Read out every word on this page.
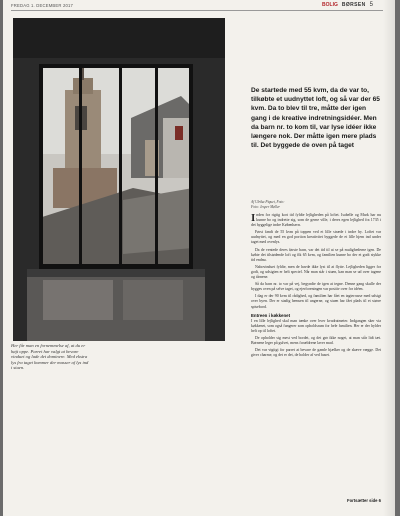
FREDAG 1. DECEMBER 2017	BOLIG BØRSEN 5
Her får man en fornemmelse af, at du er højt oppe. Parret har valgt at bevare vinduet og lade det dominere. Med ekstra lys fra taget kommer der masser af lys ind i stuen.
De startede med 55 kvm, da de var to, tilkøbte et uudnyttet loft, og så var der 65 kvm. Da to blev til tre, måtte der igen gang i de kreative indretningsidéer. Men da barn nr. to kom til, var lyse idéer ikke længere nok. Der måtte igen mere plads til. Det byggede de oven på taget
Af Ulrika Piquet, Foto:
Foto: Jesper Møller

Inden for rigtig kort tid fyldte lejligheden på loftet. Isabelle og Mark har nu kunne bo og indrette sig, som de gerne ville, i deres egen lejlighed fra 1735 i det hyggelige indre København.

Først fandt de 55 kvm på toppen ved et lille stræde i indre by. Loftet var uudnyttet, og med en god portion kreativitet byggede de et lille hjem ind under taget med ovenlys.

Da de ventede deres første barn, var det tid til at se på mulighederne igen. De købte det tilstødende loft og fik 65 kvm, og familien kunne bo der et godt stykke tid endnu.

Nabovinduet fyldte, men de havde ikke lyst til at flytte. Lejligheden ligger for godt, og udsigten er helt speciel. Når man står i stuen, kan man se ud over tagene og tårnene.

Så da barn nr. to var på vej, begyndte de igen at tegne. Denne gang skulle der bygges oven på selve taget, og ejerforeningen var positiv over for idéen.

I dag er der 90 kvm til rådighed, og familien har fået en tagterrasse med udsigt over byen. Der er stadig hemsen til ungerne, og stuen har fået plads til et større spisebord.

Entreen i køkkenet

I en lille lejlighed skal man tænke over hver kvadratmeter. Indgangen sker via køkkenet, som også fungerer som opholdsrum for hele familien. Her er der hylder helt op til loftet.

De opholder sig mest ved bordet, og det gør ikke noget, at man står lidt tæt. Børnene leger på gulvet, mens forældrene laver mad.

Det var vigtigt for parret at bevare de gamle bjælker og de skæve vægge. Det giver charme, og det er det, de holder af ved huset.

Fortsætter side 6
